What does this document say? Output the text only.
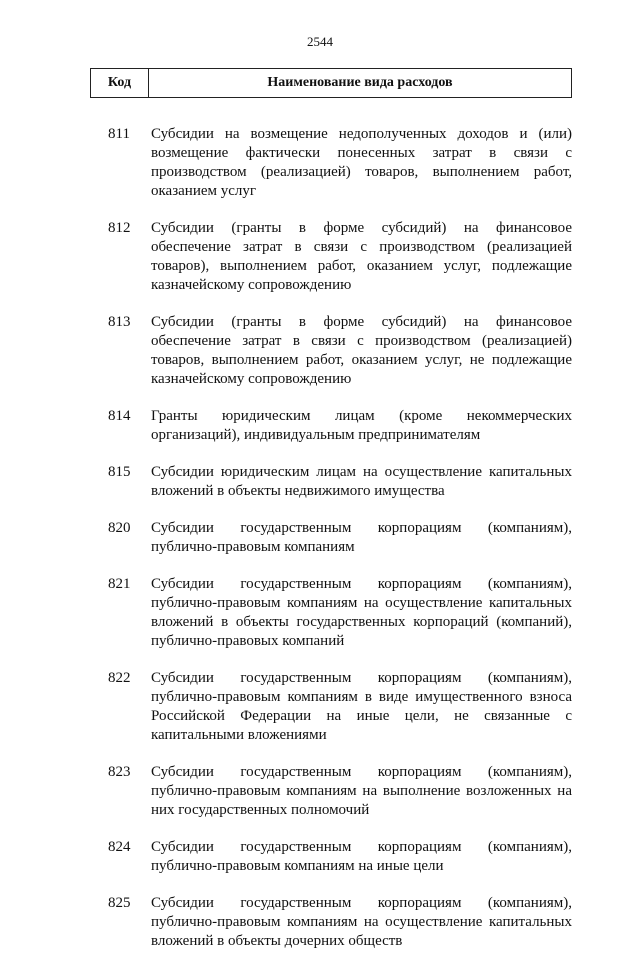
2544
Код	Наименование вида расходов
811 Субсидии на возмещение недополученных доходов и (или) возмещение фактически понесенных затрат в связи с производством (реализацией) товаров, выполнением работ, оказанием услуг
812 Субсидии (гранты в форме субсидий) на финансовое обеспечение затрат в связи с производством (реализацией товаров), выполнением работ, оказанием услуг, подлежащие казначейскому сопровождению
813 Субсидии (гранты в форме субсидий) на финансовое обеспечение затрат в связи с производством (реализацией) товаров, выполнением работ, оказанием услуг, не подлежащие казначейскому сопровождению
814 Гранты юридическим лицам (кроме некоммерческих организаций), индивидуальным предпринимателям
815 Субсидии юридическим лицам на осуществление капитальных вложений в объекты недвижимого имущества
820 Субсидии государственным корпорациям (компаниям), публично-правовым компаниям
821 Субсидии государственным корпорациям (компаниям), публично-правовым компаниям на осуществление капитальных вложений в объекты государственных корпораций (компаний), публично-правовых компаний
822 Субсидии государственным корпорациям (компаниям), публично-правовым компаниям в виде имущественного взноса Российской Федерации на иные цели, не связанные с капитальными вложениями
823 Субсидии государственным корпорациям (компаниям), публично-правовым компаниям на выполнение возложенных на них государственных полномочий
824 Субсидии государственным корпорациям (компаниям), публично-правовым компаниям на иные цели
825 Субсидии государственным корпорациям (компаниям), публично-правовым компаниям на осуществление капитальных вложений в объекты дочерних обществ
